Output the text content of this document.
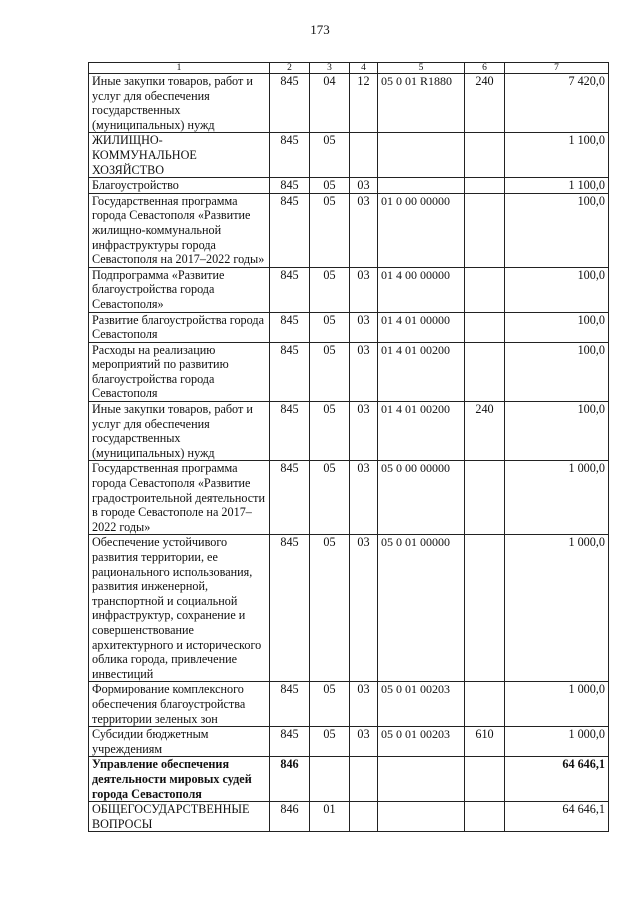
173
1	2	3	4	5	6	7
Иные закупки товаров, работ и услуг для обеспечения государственных (муниципальных) нужд	845	04	12	05 0 01 R1880	240	7 420,0
ЖИЛИЩНО-КОММУНАЛЬНОЕ ХОЗЯЙСТВО	845	05				1 100,0
Благоустройство	845	05	03			1 100,0
Государственная программа города Севастополя «Развитие жилищно-коммунальной инфраструктуры города Севастополя на 2017–2022 годы»	845	05	03	01 0 00 00000		100,0
Подпрограмма «Развитие благоустройства города Севастополя»	845	05	03	01 4 00 00000		100,0
Развитие благоустройства города Севастополя	845	05	03	01 4 01 00000		100,0
Расходы на реализацию мероприятий по развитию благоустройства города Севастополя	845	05	03	01 4 01 00200		100,0
Иные закупки товаров, работ и услуг для обеспечения государственных (муниципальных) нужд	845	05	03	01 4 01 00200	240	100,0
Государственная программа города Севастополя «Развитие градостроительной деятельности в городе Севастополе на 2017–2022 годы»	845	05	03	05 0 00 00000		1 000,0
Обеспечение устойчивого развития территории, ее рационального использования, развития инженерной, транспортной и социальной инфраструктур, сохранение и совершенствование архитектурного и исторического облика города, привлечение инвестиций	845	05	03	05 0 01 00000		1 000,0
Формирование комплексного обеспечения благоустройства территории зеленых зон	845	05	03	05 0 01 00203		1 000,0
Субсидии бюджетным учреждениям	845	05	03	05 0 01 00203	610	1 000,0
Управление обеспечения деятельности мировых судей города Севастополя	846					64 646,1
ОБЩЕГОСУДАРСТВЕННЫЕ ВОПРОСЫ	846	01				64 646,1
